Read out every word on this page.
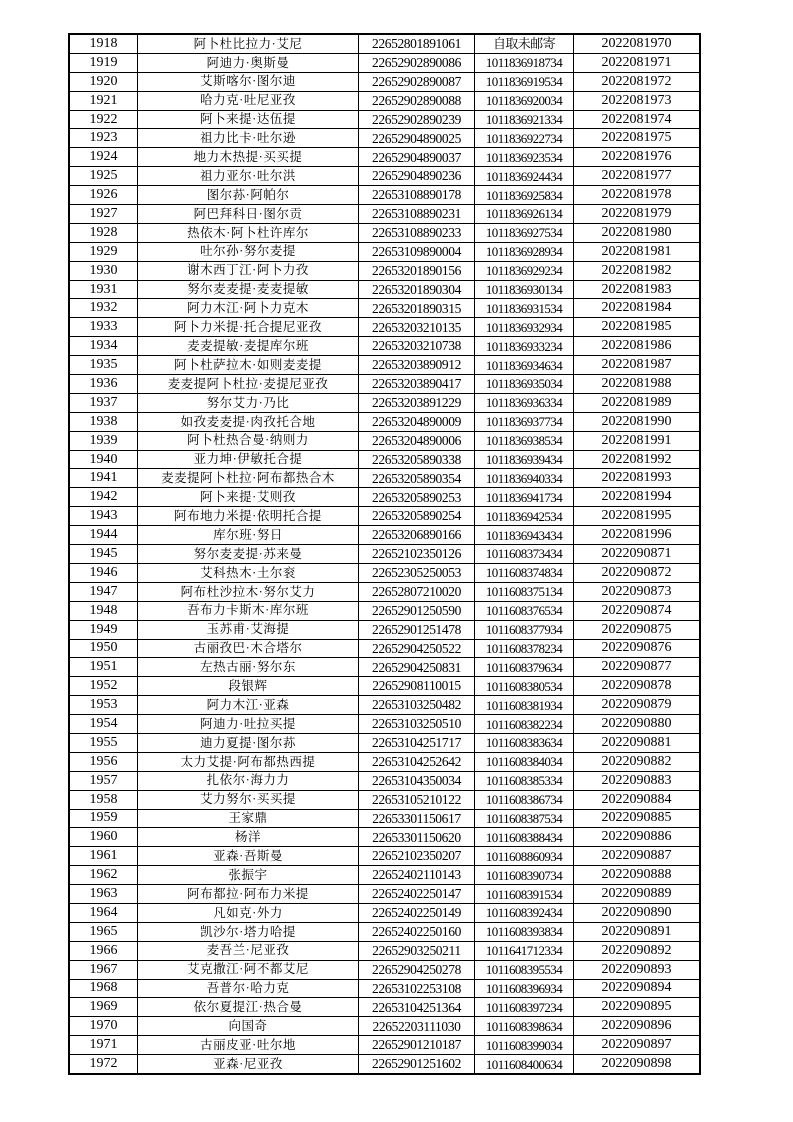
1918	阿卜杜比拉力·艾尼	22652801891061	自取未邮寄	2022081970
1919	阿迪力·奥斯曼	22652902890086	1011836918734	2022081971
1920	艾斯喀尔·图尔迪	22652902890087	1011836919534	2022081972
1921	哈力克·吐尼亚孜	22652902890088	1011836920034	2022081973
1922	阿卜来提·达伍提	22652902890239	1011836921334	2022081974
1923	祖力比卡·吐尔逊	22652904890025	1011836922734	2022081975
1924	地力木热提·买买提	22652904890037	1011836923534	2022081976
1925	祖力亚尔·吐尔洪	22652904890236	1011836924434	2022081977
1926	图尔荪·阿帕尔	22653108890178	1011836925834	2022081978
1927	阿巴拜科日·图尔贡	22653108890231	1011836926134	2022081979
1928	热依木·阿卜杜许库尔	22653108890233	1011836927534	2022081980
1929	吐尔孙·努尔麦提	22653109890004	1011836928934	2022081981
1930	谢木西丁江·阿卜力孜	22653201890156	1011836929234	2022081982
1931	努尔麦麦提·麦麦提敏	22653201890304	1011836930134	2022081983
1932	阿力木江·阿卜力克木	22653201890315	1011836931534	2022081984
1933	阿卜力米提·托合提尼亚孜	22653203210135	1011836932934	2022081985
1934	麦麦提敏·麦提库尔班	22653203210738	1011836933234	2022081986
1935	阿卜杜萨拉木·如则麦麦提	22653203890912	1011836934634	2022081987
1936	麦麦提阿卜杜拉·麦提尼亚孜	22653203890417	1011836935034	2022081988
1937	努尔艾力·乃比	22653203891229	1011836936334	2022081989
1938	如孜麦麦提·肉孜托合地	22653204890009	1011836937734	2022081990
1939	阿卜杜热合曼·纳则力	22653204890006	1011836938534	2022081991
1940	亚力坤·伊敏托合提	22653205890338	1011836939434	2022081992
1941	麦麦提阿卜杜拉·阿布都热合木	22653205890354	1011836940334	2022081993
1942	阿卜来提·艾则孜	22653205890253	1011836941734	2022081994
1943	阿布地力米提·依明托合提	22653205890254	1011836942534	2022081995
1944	库尔班·努日	22653206890166	1011836943434	2022081996
1945	努尔麦麦提·苏来曼	22652102350126	1011608373434	2022090871
1946	艾科热木·土尔衮	22652305250053	1011608374834	2022090872
1947	阿布杜沙拉木·努尔艾力	22652807210020	1011608375134	2022090873
1948	吾布力卡斯木·库尔班	22652901250590	1011608376534	2022090874
1949	玉苏甫·艾海提	22652901251478	1011608377934	2022090875
1950	古丽孜巴·木合塔尔	22652904250522	1011608378234	2022090876
1951	左热古丽·努尔东	22652904250831	1011608379634	2022090877
1952	段银辉	22652908110015	1011608380534	2022090878
1953	阿力木江·亚森	22653103250482	1011608381934	2022090879
1954	阿迪力·吐拉买提	22653103250510	1011608382234	2022090880
1955	迪力夏提·图尔荪	22653104251717	1011608383634	2022090881
1956	太力艾提·阿布都热西提	22653104252642	1011608384034	2022090882
1957	扎依尔·海力力	22653104350034	1011608385334	2022090883
1958	艾力努尔·买买提	22653105210122	1011608386734	2022090884
1959	王家鼎	22653301150617	1011608387534	2022090885
1960	杨洋	22653301150620	1011608388434	2022090886
1961	亚森·吾斯曼	22652102350207	1011608860934	2022090887
1962	张振宇	22652402110143	1011608390734	2022090888
1963	阿布都拉·阿布力米提	22652402250147	1011608391534	2022090889
1964	凡如克·外力	22652402250149	1011608392434	2022090890
1965	凯沙尔·塔力哈提	22652402250160	1011608393834	2022090891
1966	麦吾兰·尼亚孜	22652903250211	1011641712334	2022090892
1967	艾克撒江·阿不都艾尼	22652904250278	1011608395534	2022090893
1968	吾普尔·哈力克	22653102253108	1011608396934	2022090894
1969	依尔夏提江·热合曼	22653104251364	1011608397234	2022090895
1970	向国奇	22652203111030	1011608398634	2022090896
1971	古丽皮亚·吐尔地	22652901210187	1011608399034	2022090897
1972	亚森·尼亚孜	22652901251602	1011608400634	2022090898
